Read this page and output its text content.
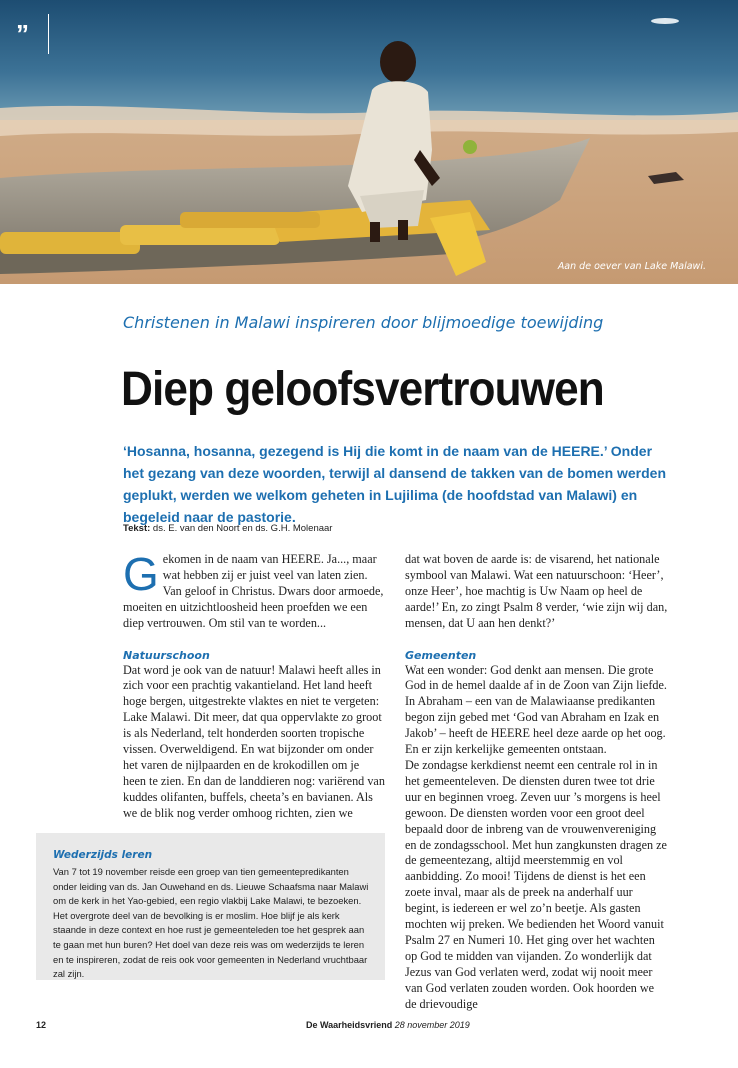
”
Aan de oever van Lake Malawi.
Christenen in Malawi inspireren door blijmoedige toewijding
Diep geloofsvertrouwen
‘Hosanna, hosanna, gezegend is Hij die komt in de naam van de HEERE.’ Onder het gezang van deze woorden, terwijl al dansend de takken van de bomen werden geplukt, werden we welkom geheten in Lujilima (de hoofdstad van Malawi) en begeleid naar de pastorie.
Tekst: ds. E. van den Noort en ds. G.H. Molenaar

Gekomen in de naam van HEERE. Ja..., maar wat hebben zij er juist veel van laten zien. Van geloof in Christus. Dwars door armoede, moeiten en uitzichtloosheid heen proefden we een diep vertrouwen. Om stil van te worden...

Natuurschoon

Dat word je ook van de natuur! Malawi heeft alles in zich voor een prachtig vakantieland. Het land heeft hoge bergen, uitgestrekte vlaktes en niet te vergeten: Lake Malawi. Dit meer, dat qua oppervlakte zo groot is als Nederland, telt honderden soorten tropische vissen. Overweldigend. En wat bijzonder om onder het varen de nijlpaarden en de krokodillen om je heen te zien. En dan de landdieren nog: variërend van kuddes olifanten, buffels, cheeta’s en bavianen. Als we de blik nog verder omhoog richten, zien we

dat wat boven de aarde is: de visarend, het nationale symbool van Malawi. Wat een natuurschoon: ‘Heer’, onze Heer’, hoe machtig is Uw Naam op heel de aarde!’ En, zo zingt Psalm 8 verder, ‘wie zijn wij dan, mensen, dat U aan hen denkt?’

Gemeenten

Wat een wonder: God denkt aan mensen. Die grote God in de hemel daalde af in de Zoon van Zijn liefde. In Abraham – een van de Malawiaanse predikanten begon zijn gebed met ‘God van Abraham en Izak en Jakob’ – heeft de HEERE heel deze aarde op het oog. En er zijn kerkelijke gemeenten ontstaan.

De zondagse kerkdienst neemt een centrale rol in in het gemeenteleven. De diensten duren twee tot drie uur en beginnen vroeg. Zeven uur ’s morgens is heel gewoon. De diensten worden voor een groot deel bepaald door de inbreng van de vrouwenvereniging en de zondagsschool. Met hun zangkunsten dragen ze de gemeentezang, altijd meerstemmig en vol aanbidding. Zo mooi! Tijdens de dienst is het een zoete inval, maar als de preek na anderhalf uur begint, is iedereen er wel zo’n beetje. Als gasten mochten wij preken. We bedienden het Woord vanuit Psalm 27 en Numeri 10. Het ging over het wachten op God te midden van vijanden. Zo wonderlijk dat Jezus van God verlaten werd, zodat wij nooit meer van God verlaten zouden worden. Ook hoorden we de drievoudige

Wederzijds leren
Van 7 tot 19 november reisde een groep van tien gemeentepredikanten onder leiding van ds. Jan Ouwehand en ds. Lieuwe Schaafsma naar Malawi om de kerk in het Yao-gebied, een regio vlakbij Lake Malawi, te bezoeken. Het overgrote deel van de bevolking is er moslim. Hoe blijf je als kerk staande in deze context en hoe rust je gemeenteleden toe het gesprek aan te gaan met hun buren? Het doel van deze reis was om wederzijds te leren en te inspireren, zodat de reis ook voor gemeenten in Nederland vruchtbaar zal zijn.
12	De Waarheidsvriend 28 november 2019
